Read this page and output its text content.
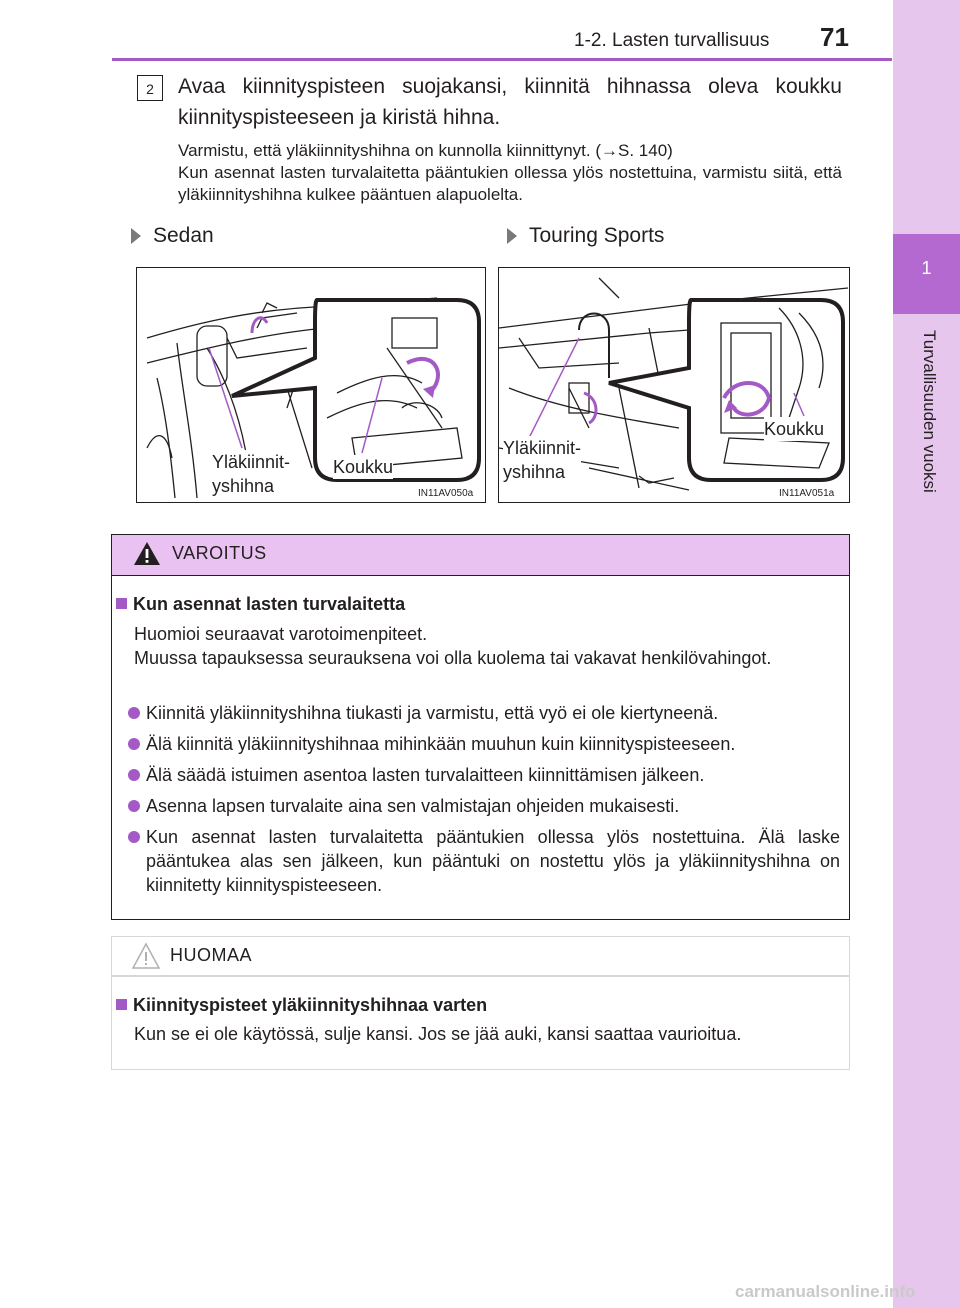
1-2. Lasten turvallisuus 71
1
Turvallisuuden vuoksi
2	Avaa kiinnityspisteen suojakansi, kiinnitä hihnassa oleva koukku kiinnityspisteeseen ja kiristä hihna.
Varmistu, että yläkiinnityshihna on kunnolla kiinnittynyt. (→S. 140)
Kun asennat lasten turvalaitetta pääntukien ollessa ylös nostettuina, varmistu siitä, että yläkiinnityshihna kulkee pääntuen alapuolelta.
Sedan	Touring Sports
Yläkiinnit-
yshihna
Koukku
IN11AV050a
Yläkiinnit-
yshihna
Koukku
IN11AV051a
VAROITUS
Kun asennat lasten turvalaitetta
Huomioi seuraavat varotoimenpiteet.
Muussa tapauksessa seurauksena voi olla kuolema tai vakavat henkilövahingot.
Kiinnitä yläkiinnityshihna tiukasti ja varmistu, että vyö ei ole kiertyneenä.
Älä kiinnitä yläkiinnityshihnaa mihinkään muuhun kuin kiinnityspisteeseen.
Älä säädä istuimen asentoa lasten turvalaitteen kiinnittämisen jälkeen.
Asenna lapsen turvalaite aina sen valmistajan ohjeiden mukaisesti.
Kun asennat lasten turvalaitetta pääntukien ollessa ylös nostettuina. Älä laske pääntukea alas sen jälkeen, kun pääntuki on nostettu ylös ja yläkiinnityshihna on kiinnitetty kiinnityspisteeseen.
HUOMAA
Kiinnityspisteet yläkiinnityshihnaa varten
Kun se ei ole käytössä, sulje kansi. Jos se jää auki, kansi saattaa vaurioitua.
carmanualsonline.info
